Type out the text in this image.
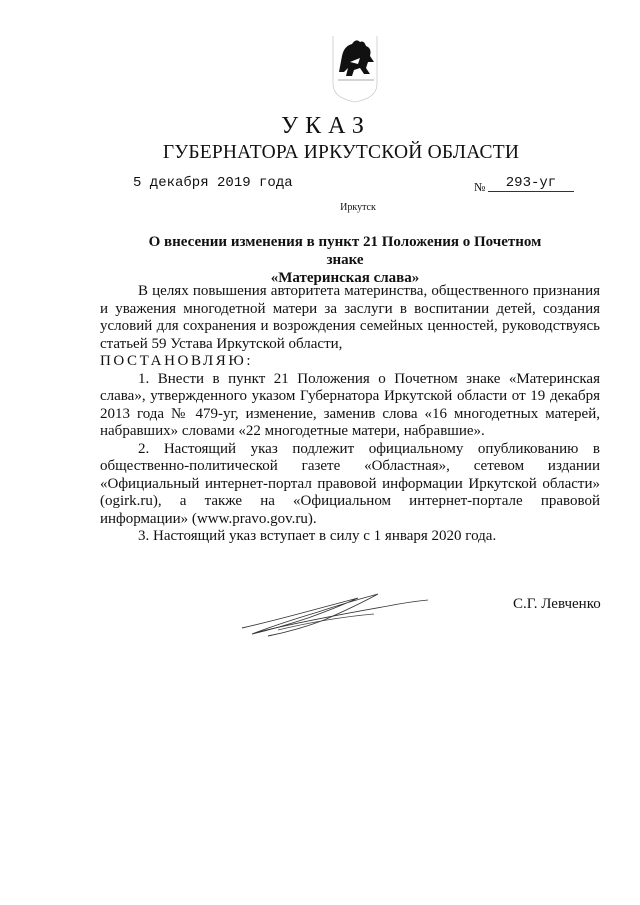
УКАЗ
ГУБЕРНАТОРА ИРКУТСКОЙ ОБЛАСТИ
5 декабря 2019 года	№	293-уг
Иркутск
О внесении изменения в пункт 21 Положения о Почетном знаке
«Материнская слава»

В целях повышения авторитета материнства, общественного признания и уважения многодетной матери за заслуги в воспитании детей, создания условий для сохранения и возрождения семейных ценностей, руководствуясь статьей 59 Устава Иркутской области,

ПОСТАНОВЛЯЮ:

1. Внести в пункт 21 Положения о Почетном знаке «Материнская слава», утвержденного указом Губернатора Иркутской области от 19 декабря 2013 года № 479-уг, изменение, заменив слова «16 многодетных матерей, набравших» словами «22 многодетные матери, набравшие».

2. Настоящий указ подлежит официальному опубликованию в общественно-политической газете «Областная», сетевом издании «Официальный интернет-портал правовой информации Иркутской области» (ogirk.ru), а также на «Официальном интернет-портале правовой информации» (www.pravo.gov.ru).

3. Настоящий указ вступает в силу с 1 января 2020 года.

С.Г. Левченко
